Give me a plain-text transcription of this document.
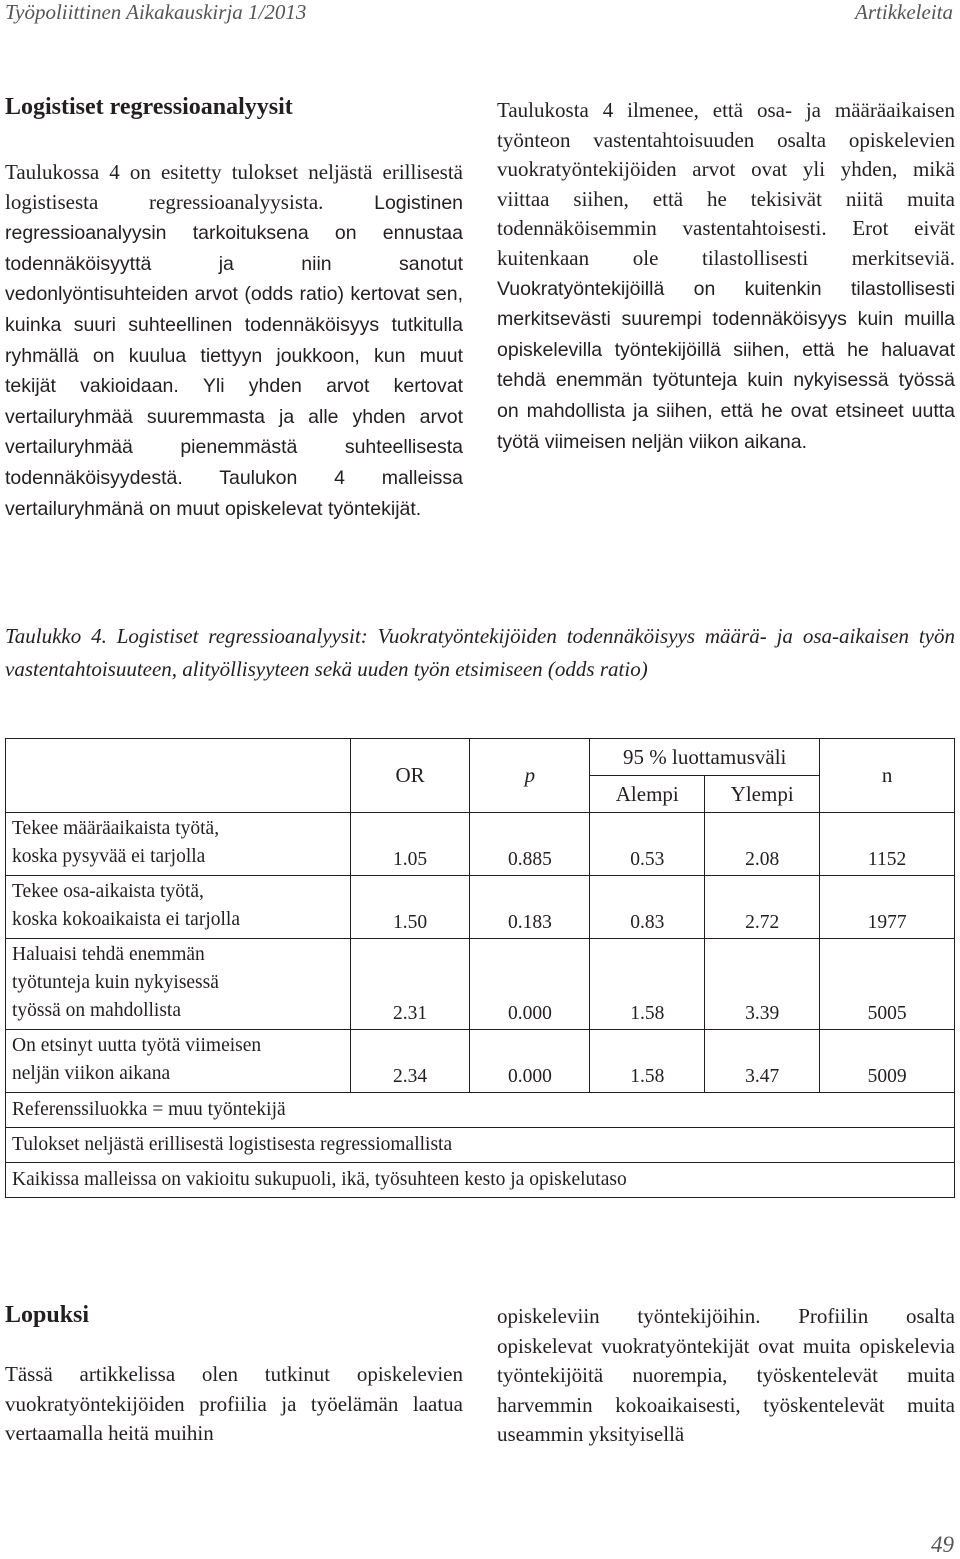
Työpoliittinen Aikakauskirja 1/2013	Artikkeleita
Logistiset regressioanalyysit

Taulukossa 4 on esitetty tulokset neljästä erillisestä logistisesta regressioanalyysista.	Logistinen regressioanalyysin tarkoituksena on ennustaa todennäköisyyttä ja niin sanotut vedonlyöntisuhteiden arvot (odds ratio) kertovat sen, kuinka suuri suhteellinen todennäköisyys tutkitulla ryhmällä on kuulua tiettyyn joukkoon, kun muut tekijät vakioidaan. Yli yhden arvot kertovat vertailuryhmää suuremmasta ja alle yhden arvot vertailuryhmää pienemmästä suhteellisesta todennäköisyydestä. Taulukon 4 malleissa vertailuryhmänä on muut opiskelevat työntekijät.

Taulukosta 4 ilmenee, että osa- ja määräaikaisen työnteon vastentahtoisuuden osalta opiskelevien vuokratyöntekijöiden arvot ovat yli yhden, mikä viittaa siihen, että he tekisivät niitä muita todennäköisemmin vastentahtoisesti. Erot eivät kuitenkaan ole tilastollisesti merkitseviä. Vuokratyöntekijöillä on kuitenkin tilastollisesti merkitsevästi suurempi todennäköisyys kuin muilla opiskelevilla työntekijöillä siihen, että he haluavat tehdä enemmän työtunteja kuin nykyisessä työssä on mahdollista ja siihen, että he ovat etsineet uutta työtä viimeisen neljän viikon aikana.

Taulukko 4. Logistiset regressioanalyysit: Vuokratyöntekijöiden todennäköisyys määrä- ja osa-aikaisen työn vastentahtoisuuteen, alityöllisyyteen sekä uuden työn etsimiseen (odds ratio)
	OR	p	95 % luottamusväli		n
			Alempi	Ylempi	
Tekee määräaikaista työtä,
koska pysyvää ei tarjolla	1.05	0.885	0.53	2.08	1152
Tekee osa-aikaista työtä,
koska kokoaikaista ei tarjolla	1.50	0.183	0.83	2.72	1977
Haluaisi tehdä enemmän
työtunteja kuin nykyisessä
työssä on mahdollista	2.31	0.000	1.58	3.39	5005
On etsinyt uutta työtä viimeisen
neljän viikon aikana	2.34	0.000	1.58	3.47	5009
Referenssiluokka = muu työntekijä					
Tulokset neljästä erillisestä logistisesta regressiomallista					
Kaikissa malleissa on vakioitu sukupuoli, ikä, työsuhteen kesto ja opiskelutaso					
Lopuksi

Tässä artikkelissa olen tutkinut opiskelevien vuokratyöntekijöiden profiilia ja työelämän laatua vertaamalla heitä muihin

opiskeleviin työntekijöihin. Profiilin osalta opiskelevat vuokratyöntekijät ovat muita opiskelevia työntekijöitä nuorempia, työskentelevät muita harvemmin kokoaikaisesti, työskentelevät muita useammin yksityisellä

49
